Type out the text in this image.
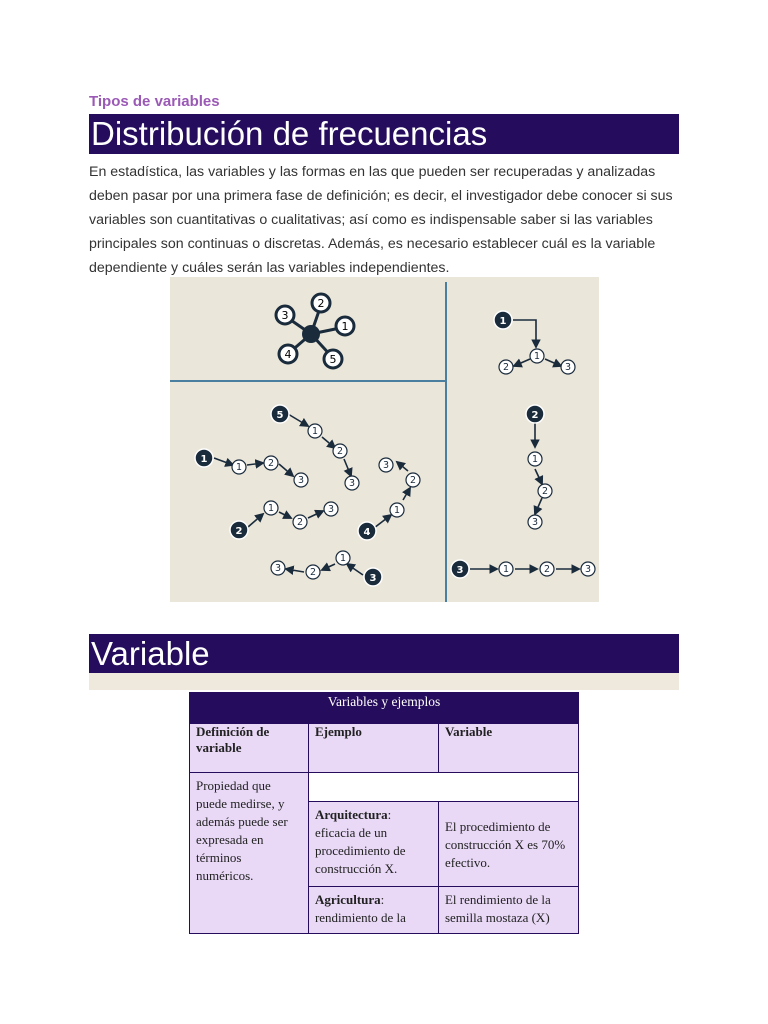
Tipos de variables
Distribución de frecuencias
En estadística, las variables y las formas en las que pueden ser recuperadas y analizadas deben pasar por una primera fase de definición; es decir, el investigador debe conocer si sus variables son cuantitativas o cualitativas; así como es indispensable saber si las variables principales son continuas o discretas. Además, es necesario establecer cuál es la variable dependiente y cuáles serán las variables independientes.
3
2
1
4	5
1
2
3
1
5
2	4
3
1
2	3
1
2
3
1	2	3
1	2
3
1
2
3
1
2
3	1
2
3
1
2
3
Variable
Variables y ejemplos		
Definición de variable	Ejemplo	Variable
Propiedad que puede medirse, y además puede ser expresada en términos numéricos.		
	Arquitectura: eficacia de un procedimiento de construcción X.	El procedimiento de construcción X es 70% efectivo.
	Agricultura: rendimiento de la	El rendimiento de la semilla mostaza (X)
